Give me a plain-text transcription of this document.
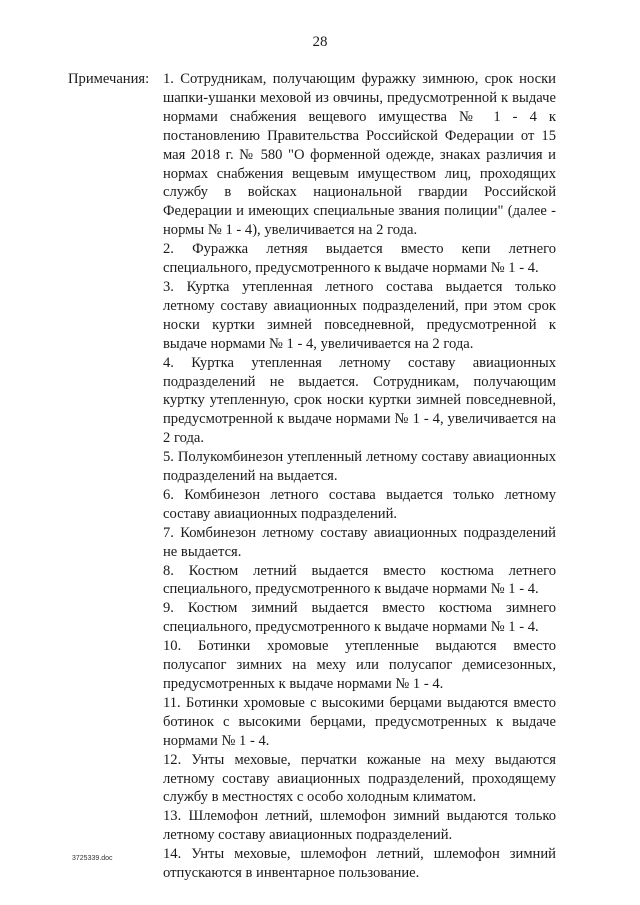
28
Примечания: 1. Сотрудникам, получающим фуражку зимнюю, срок носки шапки-ушанки меховой из овчины, предусмотренной к выдаче нормами снабжения вещевого имущества № 1 - 4 к постановлению Правительства Российской Федерации от 15 мая 2018 г. № 580 "О форменной одежде, знаках различия и нормах снабжения вещевым имуществом лиц, проходящих службу в войсках национальной гвардии Российской Федерации и имеющих специальные звания полиции" (далее - нормы № 1 - 4), увеличивается на 2 года.

2. Фуражка летняя выдается вместо кепи летнего специального, предусмотренного к выдаче нормами № 1 - 4.

3. Куртка утепленная летного состава выдается только летному составу авиационных подразделений, при этом срок носки куртки зимней повседневной, предусмотренной к выдаче нормами № 1 - 4, увеличивается на 2 года.

4. Куртка утепленная летному составу авиационных подразделений не выдается. Сотрудникам, получающим куртку утепленную, срок носки куртки зимней повседневной, предусмотренной к выдаче нормами № 1 - 4, увеличивается на 2 года.

5. Полукомбинезон утепленный летному составу авиационных подразделений на выдается.

6. Комбинезон летного состава выдается только летному составу авиационных подразделений.

7. Комбинезон летному составу авиационных подразделений не выдается.

8. Костюм летний выдается вместо костюма летнего специального, предусмотренного к выдаче нормами № 1 - 4.

9. Костюм зимний выдается вместо костюма зимнего специального, предусмотренного к выдаче нормами № 1 - 4.

10. Ботинки хромовые утепленные выдаются вместо полусапог зимних на меху или полусапог демисезонных, предусмотренных к выдаче нормами № 1 - 4.

11. Ботинки хромовые с высокими берцами выдаются вместо ботинок с высокими берцами, предусмотренных к выдаче нормами № 1 - 4.

12. Унты меховые, перчатки кожаные на меху выдаются летному составу авиационных подразделений, проходящему службу в местностях с особо холодным климатом.

13. Шлемофон летний, шлемофон зимний выдаются только летному составу авиационных подразделений.

14. Унты меховые, шлемофон летний, шлемофон зимний отпускаются в инвентарное пользование.

3725339.doc
